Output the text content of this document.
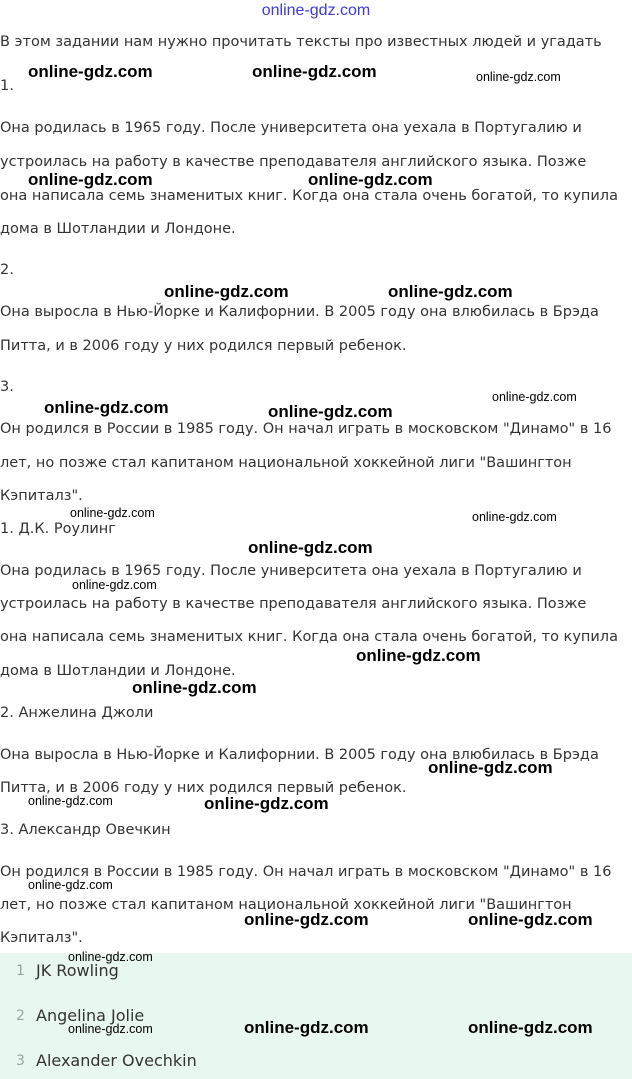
online-gdz.com
В этом задании нам нужно прочитать тексты про известных людей и угадать
1.
Она родилась в 1965 году. После университета она уехала в Португалию и
устроилась на работу в качестве преподавателя английского языка. Позже
она написала семь знаменитых книг. Когда она стала очень богатой, то купила
дома в Шотландии и Лондоне.
2.
Она выросла в Нью-Йорке и Калифорнии. В 2005 году она влюбилась в Брэда
Питта, и в 2006 году у них родился первый ребенок.
3.
Он родился в России в 1985 году. Он начал играть в московском "Динамо" в 16
лет, но позже стал капитаном национальной хоккейной лиги "Вашингтон
Кэпиталз".
1. Д.К. Роулинг
Она родилась в 1965 году. После университета она уехала в Португалию и
устроилась на работу в качестве преподавателя английского языка. Позже
она написала семь знаменитых книг. Когда она стала очень богатой, то купила
дома в Шотландии и Лондоне.
2. Анжелина Джоли
Она выросла в Нью-Йорке и Калифорнии. В 2005 году она влюбилась в Брэда
Питта, и в 2006 году у них родился первый ребенок.
3. Александр Овечкин
Он родился в России в 1985 году. Он начал играть в московском "Динамо" в 16
лет, но позже стал капитаном национальной хоккейной лиги "Вашингтон
Кэпиталз".
1 JK Rowling
2 Angelina Jolie
3 Alexander Ovechkin
online-gdz.com	online-gdz.com	online-gdz.com
online-gdz.com	online-gdz.com
online-gdz.com	online-gdz.com
online-gdz.com
online-gdz.com	online-gdz.com
online-gdz.com	online-gdz.com
online-gdz.com
online-gdz.com
online-gdz.com
online-gdz.com
online-gdz.com
online-gdz.com	online-gdz.com
online-gdz.com
online-gdz.com	online-gdz.com
online-gdz.com
online-gdz.com	online-gdz.com	online-gdz.com
